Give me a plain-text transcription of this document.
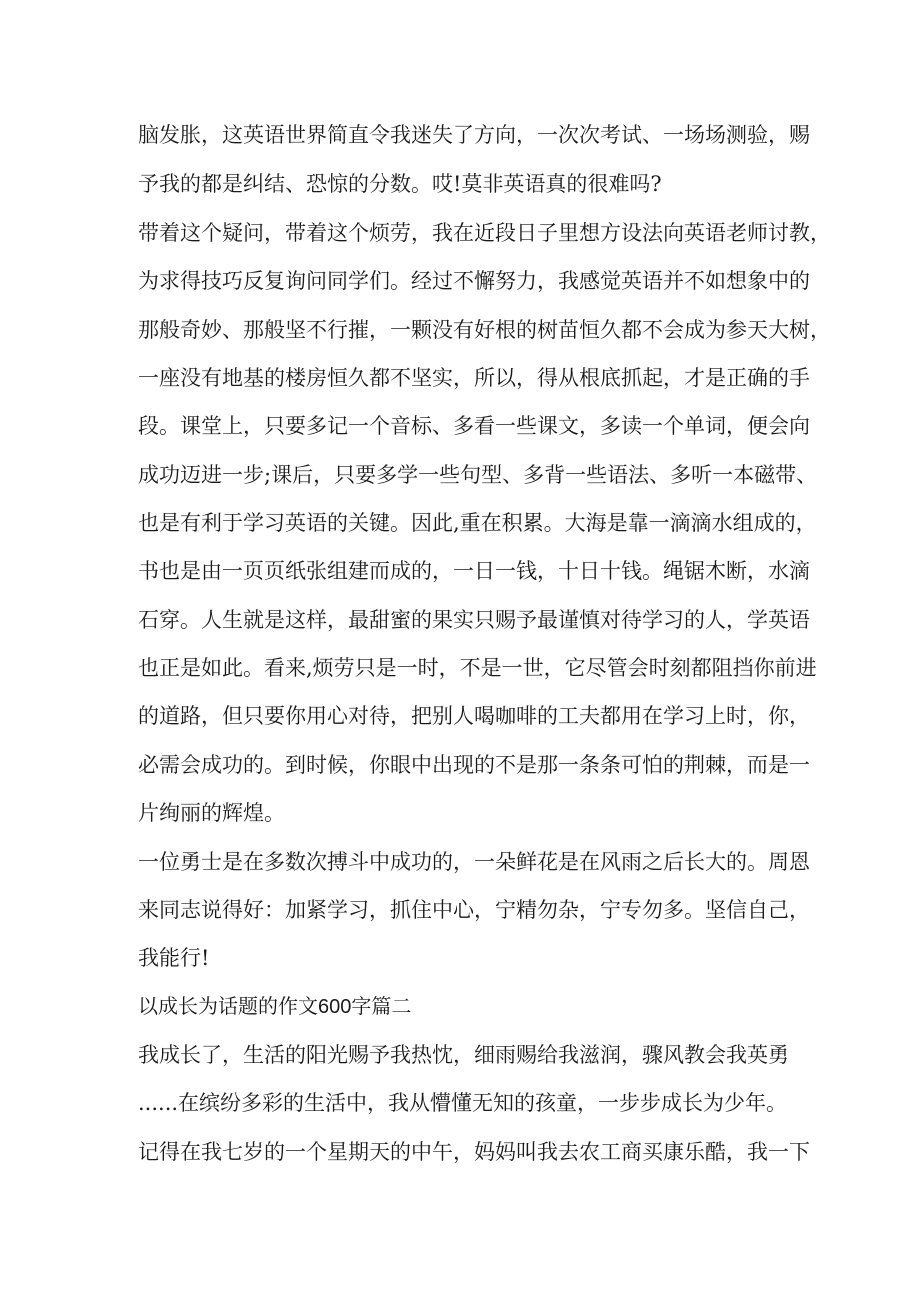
脑发胀，这英语世界简直令我迷失了方向，一次次考试、一场场测验，赐
予我的都是纠结、恐惊的分数。哎!莫非英语真的很难吗?
带着这个疑问，带着这个烦劳，我在近段日子里想方设法向英语老师讨教，
为求得技巧反复询问同学们。经过不懈努力，我感觉英语并不如想象中的
那般奇妙、那般坚不行摧，一颗没有好根的树苗恒久都不会成为参天大树，
一座没有地基的楼房恒久都不坚实，所以，得从根底抓起，才是正确的手
段。课堂上，只要多记一个音标、多看一些课文，多读一个单词，便会向
成功迈进一步;课后，只要多学一些句型、多背一些语法、多听一本磁带、
也是有利于学习英语的关键。因此,重在积累。大海是靠一滴滴水组成的，
书也是由一页页纸张组建而成的，一日一钱，十日十钱。绳锯木断，水滴
石穿。人生就是这样，最甜蜜的果实只赐予最谨慎对待学习的人，学英语
也正是如此。看来,烦劳只是一时，不是一世，它尽管会时刻都阻挡你前进
的道路，但只要你用心对待，把别人喝咖啡的工夫都用在学习上时，你，
必需会成功的。到时候，你眼中出现的不是那一条条可怕的荆棘，而是一
片绚丽的辉煌。
一位勇士是在多数次搏斗中成功的，一朵鲜花是在风雨之后长大的。周恩
来同志说得好：加紧学习，抓住中心，宁精勿杂，宁专勿多。坚信自己，
我能行!
以成长为话题的作文600字篇二
我成长了，生活的阳光赐予我热忱，细雨赐给我滋润，骤风教会我英勇
......在缤纷多彩的生活中，我从懵懂无知的孩童，一步步成长为少年。
记得在我七岁的一个星期天的中午，妈妈叫我去农工商买康乐酷，我一下
